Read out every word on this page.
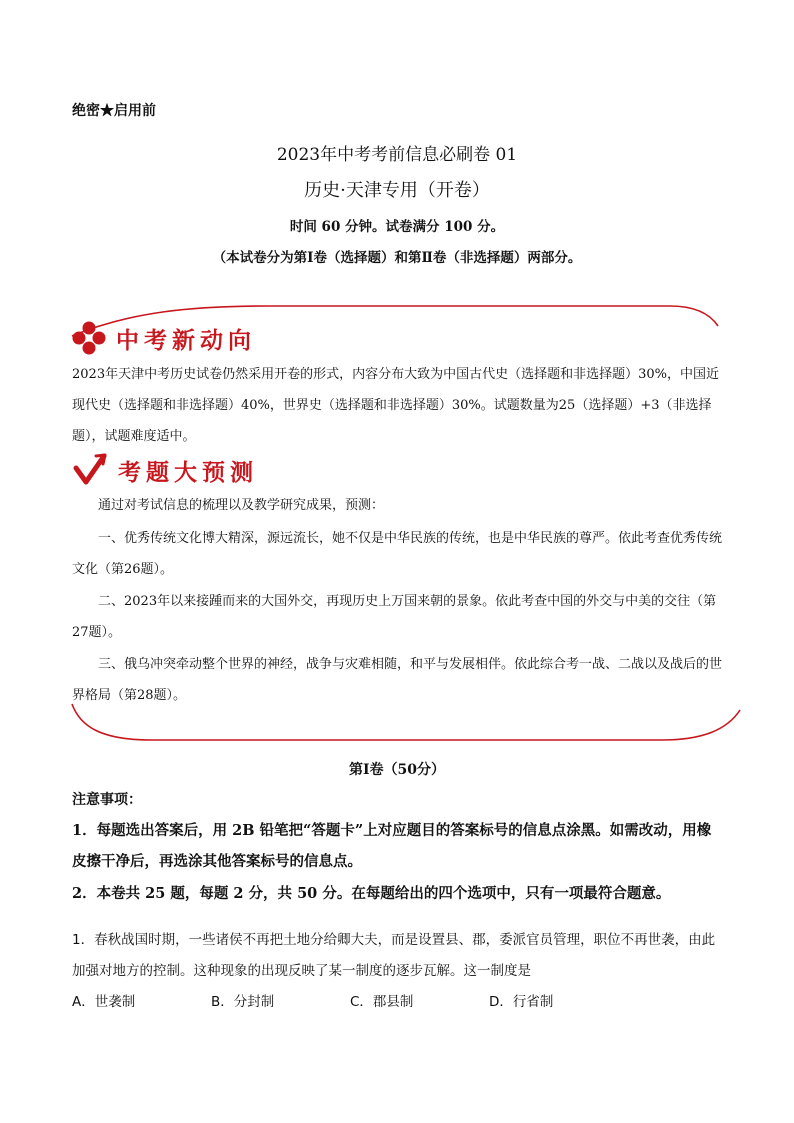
绝密★启用前
2023年中考考前信息必刷卷 01
历史·天津专用（开卷）
时间 60 分钟。试卷满分 100 分。
（本试卷分为第Ⅰ卷（选择题）和第Ⅱ卷（非选择题）两部分。
中考新动向
2023年天津中考历史试卷仍然采用开卷的形式，内容分布大致为中国古代史（选择题和非选择题）30%，中国近现代史（选择题和非选择题）40%，世界史（选择题和非选择题）30%。试题数量为25（选择题）+3（非选择题），试题难度适中。
考题大预测
通过对考试信息的梳理以及教学研究成果，预测：
一、优秀传统文化博大精深，源远流长，她不仅是中华民族的传统，也是中华民族的尊严。依此考查优秀传统文化（第26题）。
二、2023年以来接踵而来的大国外交，再现历史上万国来朝的景象。依此考查中国的外交与中美的交往（第27题）。
三、俄乌冲突牵动整个世界的神经，战争与灾难相随，和平与发展相伴。依此综合考一战、二战以及战后的世界格局（第28题）。
第Ⅰ卷（50分）
注意事项：
1．每题选出答案后，用 2B 铅笔把“答题卡”上对应题目的答案标号的信息点涂黑。如需改动，用橡皮擦干净后，再选涂其他答案标号的信息点。
2．本卷共 25 题，每题 2 分，共 50 分。在每题给出的四个选项中，只有一项最符合题意。
1．春秋战国时期，一些诸侯不再把土地分给卿大夫，而是设置县、郡，委派官员管理，职位不再世袭，由此加强对地方的控制。这种现象的出现反映了某一制度的逐步瓦解。这一制度是
A．世袭制	B．分封制	C．郡县制	D．行省制
